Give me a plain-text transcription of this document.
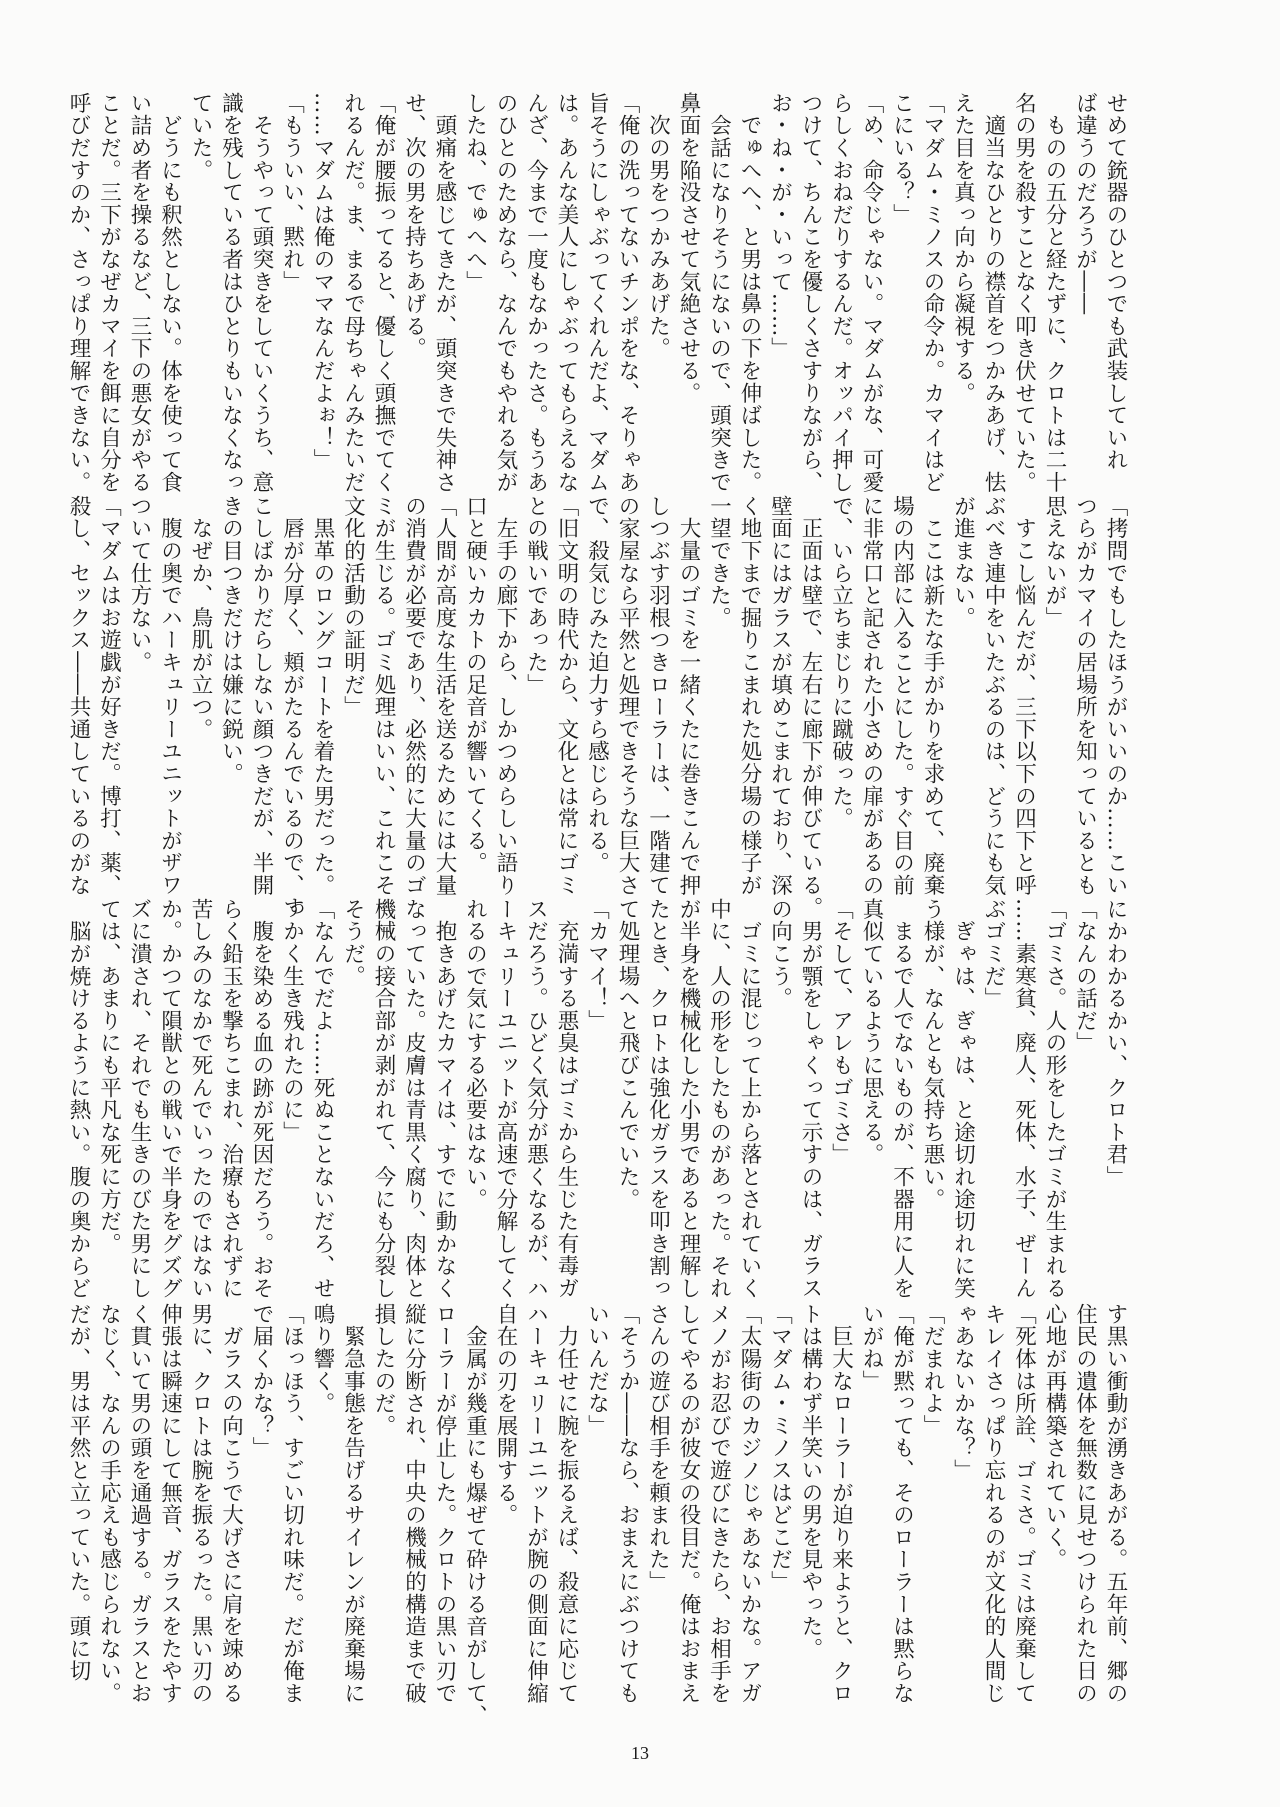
せめて銃器のひとつでも武装していれ

ば違うのだろうが――

　ものの五分と経たずに、クロトは二十

名の男を殺すことなく叩き伏せていた。

　適当なひとりの襟首をつかみあげ、怯

えた目を真っ向から凝視する。

「マダム・ミノスの命令か。カマイはど

こにいる？」

「め、命令じゃない。マダムがな、可愛

らしくおねだりするんだ。オッパイ押し

つけて、ちんこを優しくさすりながら、

お・ね・が・いって……」

　でゅへへ、と男は鼻の下を伸ばした。

　会話になりそうにないので、頭突きで

鼻面を陥没させて気絶させる。

　次の男をつかみあげた。

「俺の洗ってないチンポをな、そりゃあ

旨そうにしゃぶってくれんだよ、マダム

は。あんな美人にしゃぶってもらえるな

んざ、今まで一度もなかったさ。もうあ

のひとのためなら、なんでもやれる気が

したね、でゅへへ」

　頭痛を感じてきたが、頭突きで失神さ

せ、次の男を持ちあげる。

「俺が腰振ってると、優しく頭撫でてく

れるんだ。ま、まるで母ちゃんみたいだ

……マダムは俺のママなんだよぉ！」

「もういい、黙れ」

　そうやって頭突きをしていくうち、意

識を残している者はひとりもいなくなっ

ていた。

　どうにも釈然としない。体を使って食

い詰め者を操るなど、三下の悪女がやる

ことだ。三下がなぜカマイを餌に自分を

呼びだすのか、さっぱり理解できない。

「拷問でもしたほうがいいのか……こい

つらがカマイの居場所を知っているとも

思えないが」

　すこし悩んだが、三下以下の四下と呼

ぶべき連中をいたぶるのは、どうにも気

が進まない。

　ここは新たな手がかりを求めて、廃棄

場の内部に入ることにした。すぐ目の前

に非常口と記された小さめの扉があるの

で、いら立ちまじりに蹴破った。

　正面は壁で、左右に廊下が伸びている。

壁面にはガラスが填めこまれており、深

く地下まで掘りこまれた処分場の様子が

一望できた。

　大量のゴミを一緒くたに巻きこんで押

しつぶす羽根つきローラーは、一階建て

の家屋なら平然と処理できそうな巨大さ

で、殺気じみた迫力すら感じられる。

「旧文明の時代から、文化とは常にゴミ

との戦いであった」

　左手の廊下から、しかつめらしい語り

口と硬いカカトの足音が響いてくる。

「人間が高度な生活を送るためには大量

の消費が必要であり、必然的に大量のゴ

ミが生じる。ゴミ処理はいい、これこそ

文化的活動の証明だ」

　黒革のロングコートを着た男だった。

　唇が分厚く、頬がたるんでいるので、す

こしばかりだらしない顔つきだが、半開

きの目つきだけは嫌に鋭い。

　なぜか、鳥肌が立つ。

　腹の奥でハーキュリーユニットがザワ

ついて仕方ない。

「マダムはお遊戯が好きだ。博打、薬、

殺し、セックス――共通しているのがな

にかわかるかい、クロト君」

「なんの話だ」

「ゴミさ。人の形をしたゴミが生まれる

……素寒貧、廃人、死体、水子、ぜーん

ぶゴミだ」

　ぎゃは、ぎゃは、と途切れ途切れに笑

う様が、なんとも気持ち悪い。

　まるで人でないものが、不器用に人を

真似ているように思える。

「そして、アレもゴミさ」

　男が顎をしゃくって示すのは、ガラス

の向こう。

　ゴミに混じって上から落とされていく

中に、人の形をしたものがあった。それ

が半身を機械化した小男であると理解し

たとき、クロトは強化ガラスを叩き割っ

て処理場へと飛びこんでいた。

「カマイ！」

　充満する悪臭はゴミから生じた有毒ガ

スだろう。ひどく気分が悪くなるが、ハ

ーキュリーユニットが高速で分解してく

れるので気にする必要はない。

　抱きあげたカマイは、すでに動かなく

なっていた。皮膚は青黒く腐り、肉体と

機械の接合部が剥がれて、今にも分裂し

そうだ。

「なんでだよ……死ぬことないだろ、せ

っかく生き残れたのに」

　腹を染める血の跡が死因だろう。おそ

らく鉛玉を撃ちこまれ、治療もされずに

苦しみのなかで死んでいったのではない

か。かつて隕獣との戦いで半身をグズグ

ズに潰され、それでも生きのびた男にし

ては、あまりにも平凡な死に方だ。

　脳が焼けるように熱い。腹の奥からど

す黒い衝動が湧きあがる。五年前、郷の

住民の遺体を無数に見せつけられた日の

心地が再構築されていく。

「死体は所詮、ゴミさ。ゴミは廃棄して

キレイさっぱり忘れるのが文化的人間じ

ゃあないかな？」

「だまれよ」

「俺が黙っても、そのローラーは黙らな

いがね」

　巨大なローラーが迫り来ようと、クロ

トは構わず半笑いの男を見やった。

「マダム・ミノスはどこだ」

「太陽街のカジノじゃあないかな。アガ

メノがお忍びで遊びにきたら、お相手を

してやるのが彼女の役目だ。俺はおまえ

さんの遊び相手を頼まれた」

「そうか――なら、おまえにぶつけても

いいんだな」

　力任せに腕を振るえば、殺意に応じて

ハーキュリーユニットが腕の側面に伸縮

自在の刃を展開する。

　金属が幾重にも爆ぜて砕ける音がして、

ローラーが停止した。クロトの黒い刃で

縦に分断され、中央の機械的構造まで破

損したのだ。

　緊急事態を告げるサイレンが廃棄場に

鳴り響く。

「ほっほう、すごい切れ味だ。だが俺ま

で届くかな？」

　ガラスの向こうで大げさに肩を竦める

男に、クロトは腕を振るった。黒い刃の

伸張は瞬速にして無音、ガラスをたやす

く貫いて男の頭を通過する。ガラスとお

なじく、なんの手応えも感じられない。

だが、男は平然と立っていた。頭に切

13
